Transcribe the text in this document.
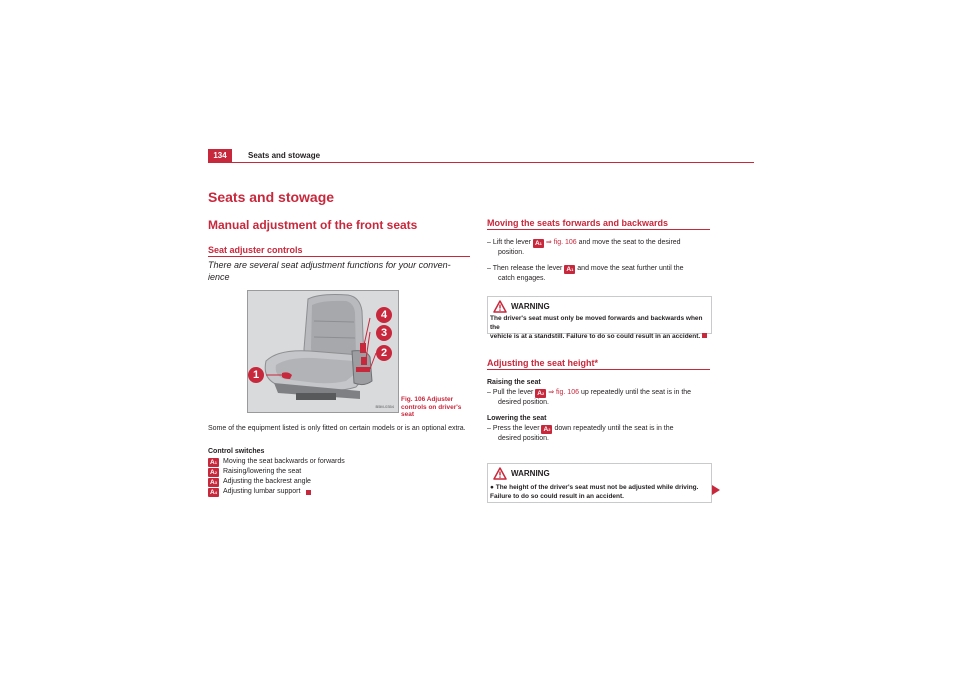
134	Seats and stowage
Seats and stowage
Manual adjustment of the front seats
Seat adjuster controls
There are several seat adjustment functions for your conven-
ience
1
2
3
4
B5M-0354
Fig. 106 Adjuster
controls on driver's seat
Some of the equipment listed is only fitted on certain models or is an optional extra.
Control switches
A1 Moving the seat backwards or forwards
A2 Raising/lowering the seat
A3 Adjusting the backrest angle
A4 Adjusting lumbar support
Moving the seats forwards and backwards
– Lift the lever A1 ⇒ fig. 106 and move the seat to the desired
position.
– Then release the lever A1 and move the seat further until the
catch engages.
WARNING
The driver's seat must only be moved forwards and backwards when the
vehicle is at a standstill. Failure to do so could result in an accident.
Adjusting the seat height*
Raising the seat
– Pull the lever A2 ⇒ fig. 106 up repeatedly until the seat is in the
desired position.
Lowering the seat
– Press the lever A2 down repeatedly until the seat is in the
desired position.
WARNING
● The height of the driver's seat must not be adjusted while driving.
Failure to do so could result in an accident.
